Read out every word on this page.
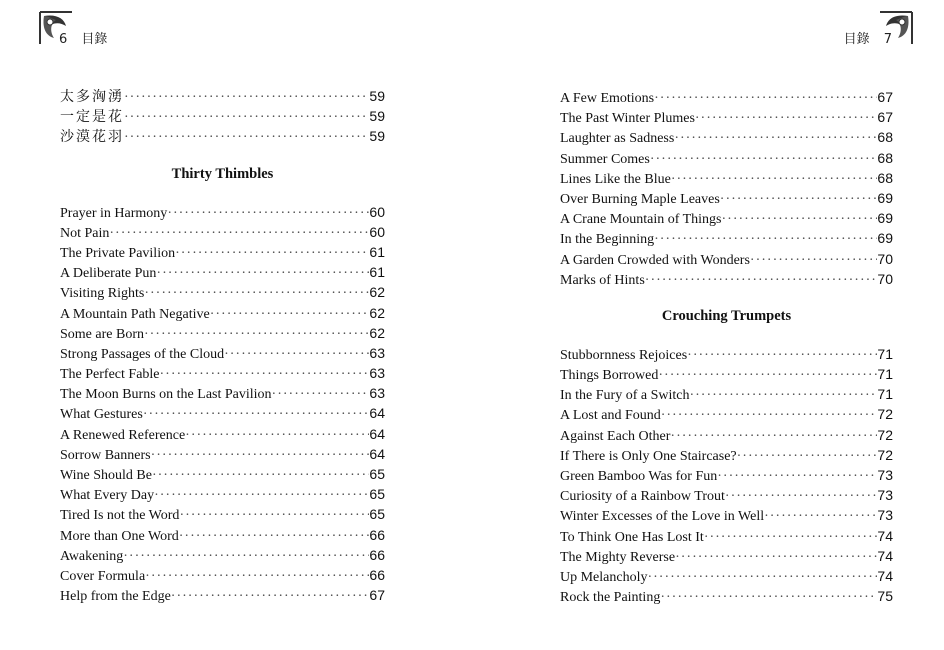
6 目錄	目錄 7
太多洶湧 ·····	59
一定是花 ·····	59
沙漠花羽 ·····	59
Thirty Thimbles
Prayer in Harmony ·····	60
Not Pain ·····	60
The Private Pavilion ·····	61
A Deliberate Pun ·····	61
Visiting Rights ·····	62
A Mountain Path Negative ·····	62
Some are Born ·····	62
Strong Passages of the Cloud ·····	63
The Perfect Fable ·····	63
The Moon Burns on the Last Pavilion ·····	63
What Gestures ·····	64
A Renewed Reference ·····	64
Sorrow Banners ·····	64
Wine Should Be ·····	65
What Every Day ·····	65
Tired Is not the Word ·····	65
More than One Word ·····	66
Awakening ·····	66
Cover Formula ·····	66
Help from the Edge ·····	67
A Few Emotions ·····	67
The Past Winter Plumes ·····	67
Laughter as Sadness ·····	68
Summer Comes ·····	68
Lines Like the Blue ·····	68
Over Burning Maple Leaves ·····	69
A Crane Mountain of Things ·····	69
In the Beginning ·····	69
A Garden Crowded with Wonders ·····	70
Marks of Hints ·····	70
Crouching Trumpets
Stubbornness Rejoices ·····	71
Things Borrowed ·····	71
In the Fury of a Switch ·····	71
A Lost and Found ·····	72
Against Each Other ·····	72
If There is Only One Staircase? ·····	72
Green Bamboo Was for Fun ·····	73
Curiosity of a Rainbow Trout ·····	73
Winter Excesses of the Love in Well ·····	73
To Think One Has Lost It ·····	74
The Mighty Reverse ·····	74
Up Melancholy ·····	74
Rock the Painting ·····	75
